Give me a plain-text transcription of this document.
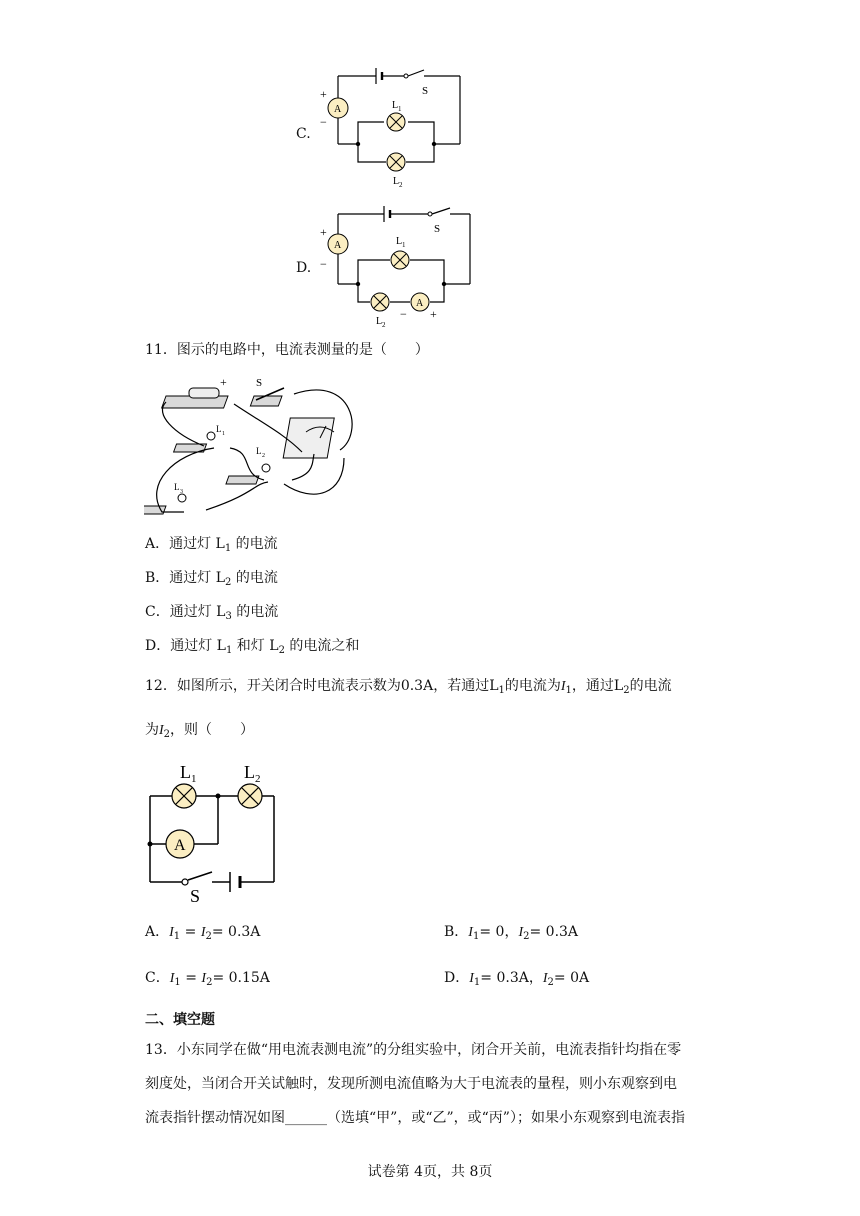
C.
S
A
+
−
L 1
L 2
D.
S
A
+
−
L 1
A
L 2
− +
11．图示的电路中，电流表测量的是（　　）
+	S
L 1
L 2
L 3
A．通过灯 $L_1$ 的电流
B．通过灯 $L_2$ 的电流
C．通过灯 $L_3$ 的电流
D．通过灯 $L_1$ 和灯 $L_2$ 的电流之和
12．如图所示，开关闭合时电流表示数为0.3A，若通过$L_1$的电流为$I_1$，通过$L_2$的电流
为$I_2$，则（　　）
L 1	L 2
A
S
A．$I_1 = I_2= 0.3A$	B．$I_1= 0$，$I_2= 0.3A$
C．$I_1 = I_2= 0.15A$	D．$I_1= 0.3A$，$I_2= 0A$
二、填空题
13．小东同学在做“用电流表测电流”的分组实验中，闭合开关前，电流表指针均指在零
刻度处，当闭合开关试触时，发现所测电流值略为大于电流表的量程，则小东观察到电
流表指针摆动情况如图______（选填“甲”，或“乙”，或“丙”）；如果小东观察到电流表指
试卷第 4页，共 8页
